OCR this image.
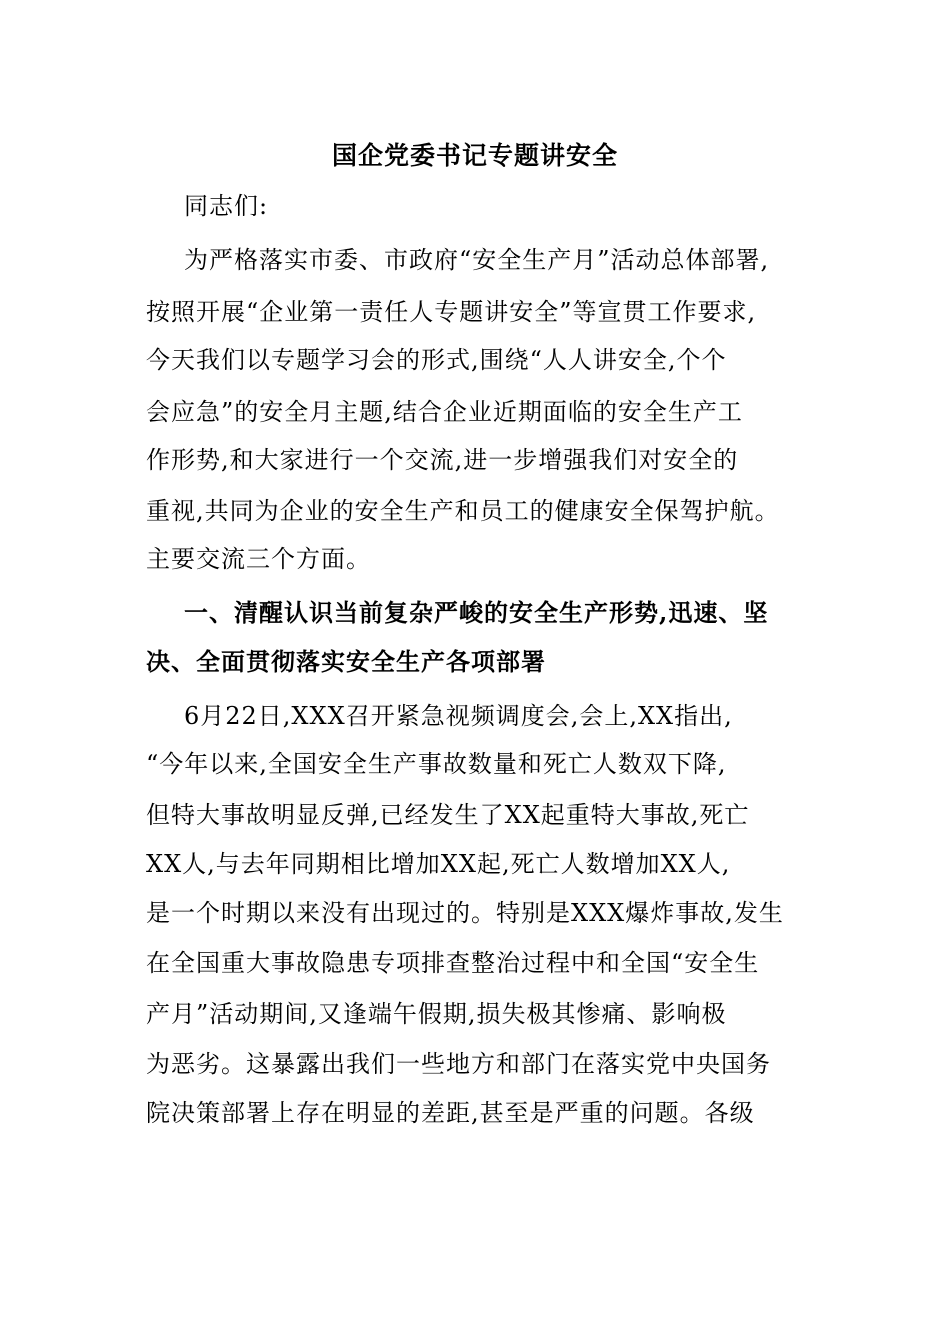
国企党委书记专题讲安全
同志们:
为严格落实市委、市政府“安全生产月”活动总体部署,
按照开展“企业第一责任人专题讲安全”等宣贯工作要求,
今天我们以专题学习会的形式,围绕“人人讲安全,个个
会应急”的安全月主题,结合企业近期面临的安全生产工
作形势,和大家进行一个交流,进一步增强我们对安全的
重视,共同为企业的安全生产和员工的健康安全保驾护航。
主要交流三个方面。
一、清醒认识当前复杂严峻的安全生产形势,迅速、坚
决、全面贯彻落实安全生产各项部署
6月22日,XXX召开紧急视频调度会,会上,XX指出,
“今年以来,全国安全生产事故数量和死亡人数双下降,
但特大事故明显反弹,已经发生了XX起重特大事故,死亡
XX人,与去年同期相比增加XX起,死亡人数增加XX人,
是一个时期以来没有出现过的。特别是XXX爆炸事故,发生
在全国重大事故隐患专项排查整治过程中和全国“安全生
产月”活动期间,又逢端午假期,损失极其惨痛、影响极
为恶劣。这暴露出我们一些地方和部门在落实党中央国务
院决策部署上存在明显的差距,甚至是严重的问题。各级
